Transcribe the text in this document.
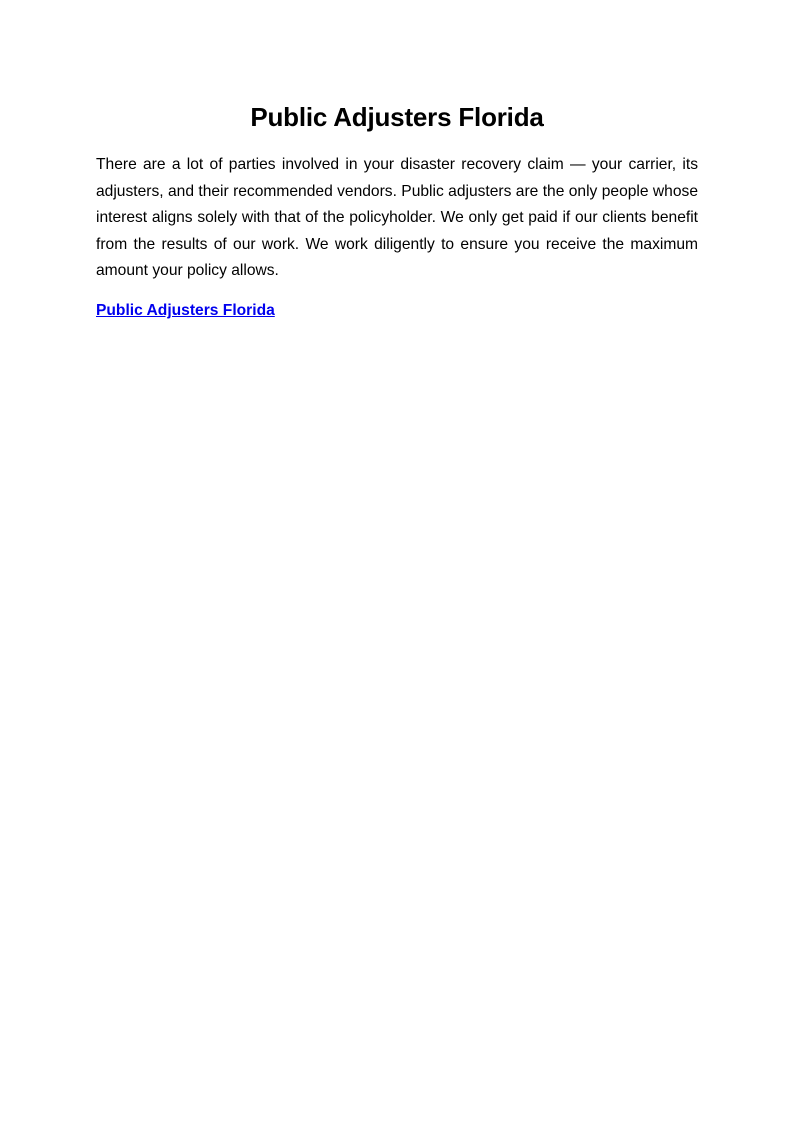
Public Adjusters Florida

There are a lot of parties involved in your disaster recovery claim — your carrier, its adjusters, and their recommended vendors. Public adjusters are the only people whose interest aligns solely with that of the policyholder. We only get paid if our clients benefit from the results of our work. We work diligently to ensure you receive the maximum amount your policy allows.

Public Adjusters Florida
